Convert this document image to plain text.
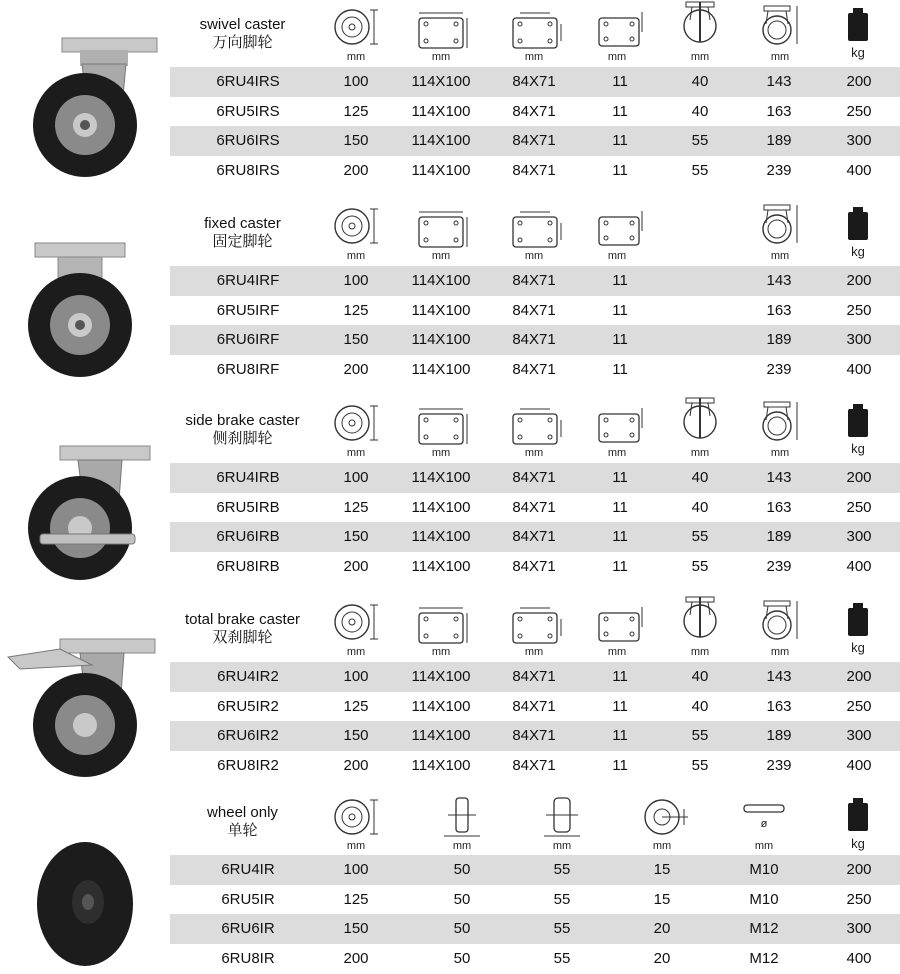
swivel caster
万向脚轮
mm	mm	mm	mm	mm	mm	kg
6RU4IRS	100	114X100	84X71	11	40	143	200
6RU5IRS	125	114X100	84X71	11	40	163	250
6RU6IRS	150	114X100	84X71	11	55	189	300
6RU8IRS	200	114X100	84X71	11	55	239	400
fixed caster
固定脚轮
mm	mm	mm	mm	mm	kg
6RU4IRF	100	114X100	84X71	11	143	200
6RU5IRF	125	114X100	84X71	11	163	250
6RU6IRF	150	114X100	84X71	11	189	300
6RU8IRF	200	114X100	84X71	11	239	400
side brake caster
侧刹脚轮
mm	mm	mm	mm	mm	mm	kg
6RU4IRB	100	114X100	84X71	11	40	143	200
6RU5IRB	125	114X100	84X71	11	40	163	250
6RU6IRB	150	114X100	84X71	11	55	189	300
6RU8IRB	200	114X100	84X71	11	55	239	400
total brake caster
双刹脚轮
mm	mm	mm	mm	mm	mm	kg
6RU4IR2	100	114X100	84X71	11	40	143	200
6RU5IR2	125	114X100	84X71	11	40	163	250
6RU6IR2	150	114X100	84X71	11	55	189	300
6RU8IR2	200	114X100	84X71	11	55	239	400
wheel only
单轮	ø
mm	mm	mm	mm	mm	kg
6RU4IR	100	50	55	15	M10	200
6RU5IR	125	50	55	15	M10	250
6RU6IR	150	50	55	20	M12	300
6RU8IR	200	50	55	20	M12	400
